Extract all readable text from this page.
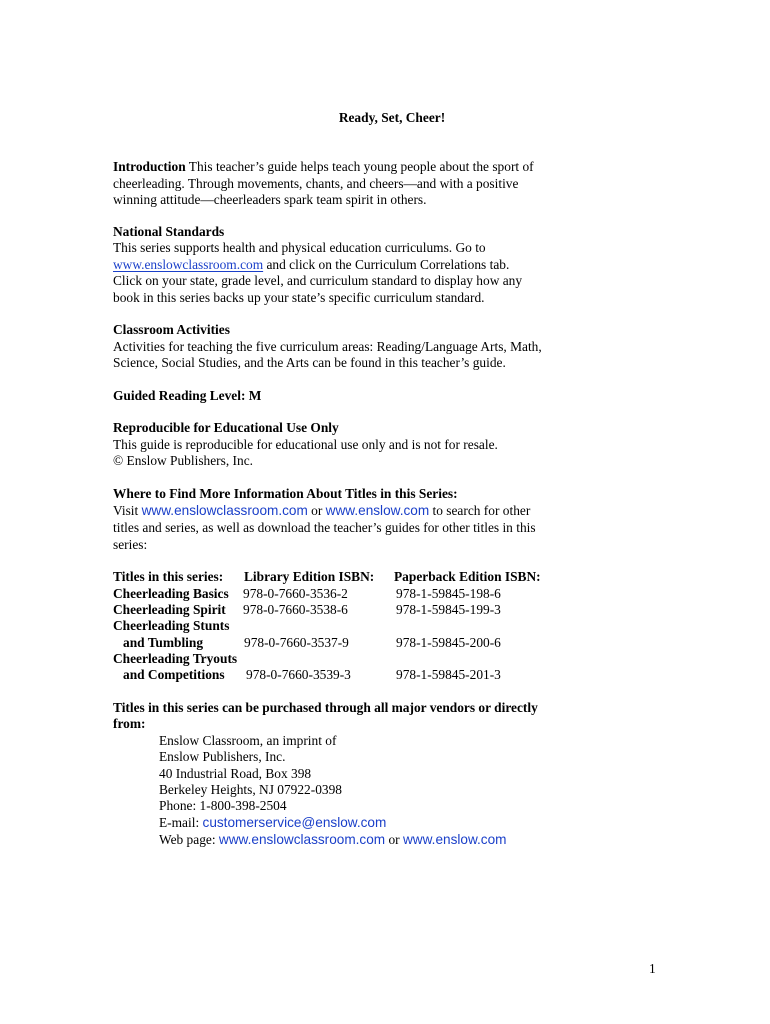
Ready, Set, Cheer!
Introduction This teacher’s guide helps teach young people about the sport of
cheerleading. Through movements, chants, and cheers—and with a positive
winning attitude—cheerleaders spark team spirit in others.
National Standards
This series supports health and physical education curriculums. Go to
www.enslowclassroom.com and click on the Curriculum Correlations tab.
Click on your state, grade level, and curriculum standard to display how any
book in this series backs up your state’s specific curriculum standard.
Classroom Activities
Activities for teaching the five curriculum areas: Reading/Language Arts, Math,
Science, Social Studies, and the Arts can be found in this teacher’s guide.
Guided Reading Level: M
Reproducible for Educational Use Only
This guide is reproducible for educational use only and is not for resale.
© Enslow Publishers, Inc.
Where to Find More Information About Titles in this Series:
Visit www.enslowclassroom.com or www.enslow.com to search for other
titles and series, as well as download the teacher’s guides for other titles in this
series:
Titles in this series: Library Edition ISBN: Paperback Edition ISBN:
Cheerleading Basics 978-0-7660-3536-2	978-1-59845-198-6
Cheerleading Spirit 978-0-7660-3538-6	978-1-59845-199-3
Cheerleading Stunts
and Tumbling	978-0-7660-3537-9	978-1-59845-200-6
Cheerleading Tryouts
and Competitions 978-0-7660-3539-3	978-1-59845-201-3
Titles in this series can be purchased through all major vendors or directly
from:
Enslow Classroom, an imprint of
Enslow Publishers, Inc.
40 Industrial Road, Box 398
Berkeley Heights, NJ 07922-0398
Phone: 1-800-398-2504
E-mail: customerservice@enslow.com
Web page: www.enslowclassroom.com or www.enslow.com
1
